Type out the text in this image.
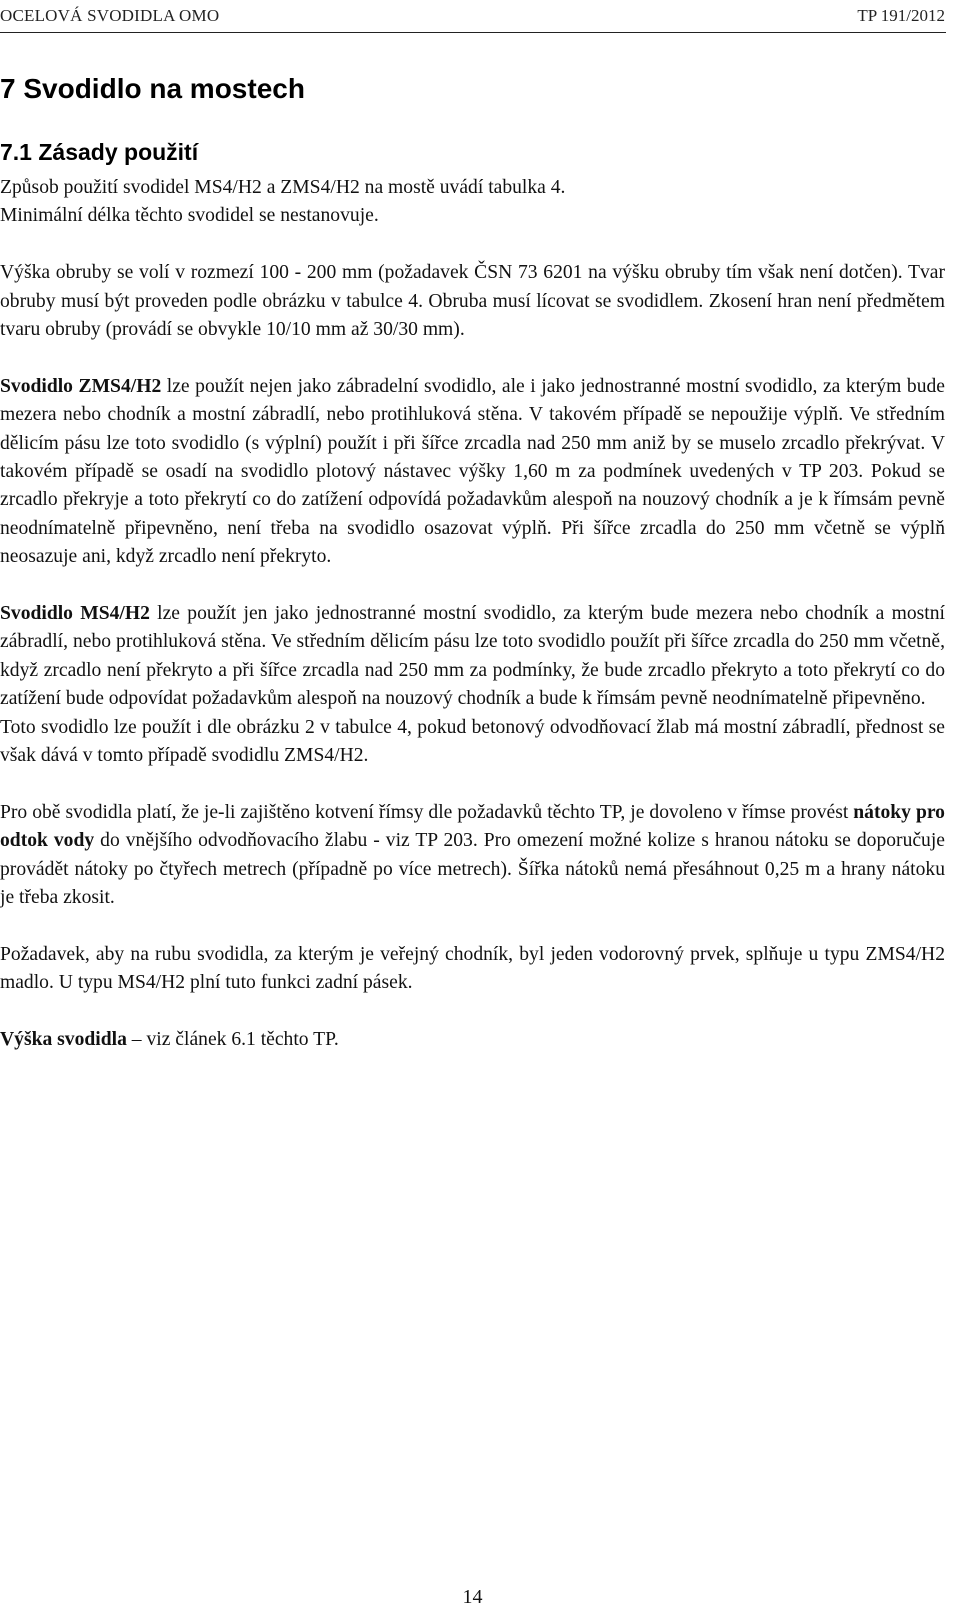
OCELOVÁ SVODIDLA OMO	TP 191/2012
7 Svodidlo na mostech
7.1 Zásady použití

Způsob použití svodidel MS4/H2 a ZMS4/H2 na mostě uvádí tabulka 4.
Minimální délka těchto svodidel se nestanovuje.

Výška obruby se volí v rozmezí 100 - 200 mm (požadavek ČSN 73 6201 na výšku obruby tím však není dotčen). Tvar obruby musí být proveden podle obrázku v tabulce 4. Obruba musí lícovat se svodidlem. Zkosení hran není předmětem tvaru obruby (provádí se obvykle 10/10 mm až 30/30 mm).

Svodidlo ZMS4/H2 lze použít nejen jako zábradelní svodidlo, ale i jako jednostranné mostní svodidlo, za kterým bude mezera nebo chodník a mostní zábradlí, nebo protihluková stěna. V takovém případě se nepoužije výplň. Ve středním dělicím pásu lze toto svodidlo (s výplní) použít i při šířce zrcadla nad 250 mm aniž by se muselo zrcadlo překrývat. V takovém případě se osadí na svodidlo plotový nástavec výšky 1,60 m za podmínek uvedených v TP 203. Pokud se zrcadlo překryje a toto překrytí co do zatížení odpovídá požadavkům alespoň na nouzový chodník a je k římsám pevně neodnímatelně připevněno, není třeba na svodidlo osazovat výplň. Při šířce zrcadla do 250 mm včetně se výplň neosazuje ani, když zrcadlo není překryto.

Svodidlo MS4/H2 lze použít jen jako jednostranné mostní svodidlo, za kterým bude mezera nebo chodník a mostní zábradlí, nebo protihluková stěna. Ve středním dělicím pásu lze toto svodidlo použít při šířce zrcadla do 250 mm včetně, když zrcadlo není překryto a při šířce zrcadla nad 250 mm za podmínky, že bude zrcadlo překryto a toto překrytí co do zatížení bude odpovídat požadavkům alespoň na nouzový chodník a bude k římsám pevně neodnímatelně připevněno.

Toto svodidlo lze použít i dle obrázku 2 v tabulce 4, pokud betonový odvodňovací žlab má mostní zábradlí, přednost se však dává v tomto případě svodidlu ZMS4/H2.

Pro obě svodidla platí, že je-li zajištěno kotvení římsy dle požadavků těchto TP, je dovoleno v římse provést nátoky pro odtok vody do vnějšího odvodňovacího žlabu - viz TP 203. Pro omezení možné kolize s hranou nátoku se doporučuje provádět nátoky po čtyřech metrech (případně po více metrech). Šířka nátoků nemá přesáhnout 0,25 m a hrany nátoku je třeba zkosit.

Požadavek, aby na rubu svodidla, za kterým je veřejný chodník, byl jeden vodorovný prvek, splňuje u typu ZMS4/H2 madlo. U typu MS4/H2 plní tuto funkci zadní pásek.

Výška svodidla – viz článek 6.1 těchto TP.

14
